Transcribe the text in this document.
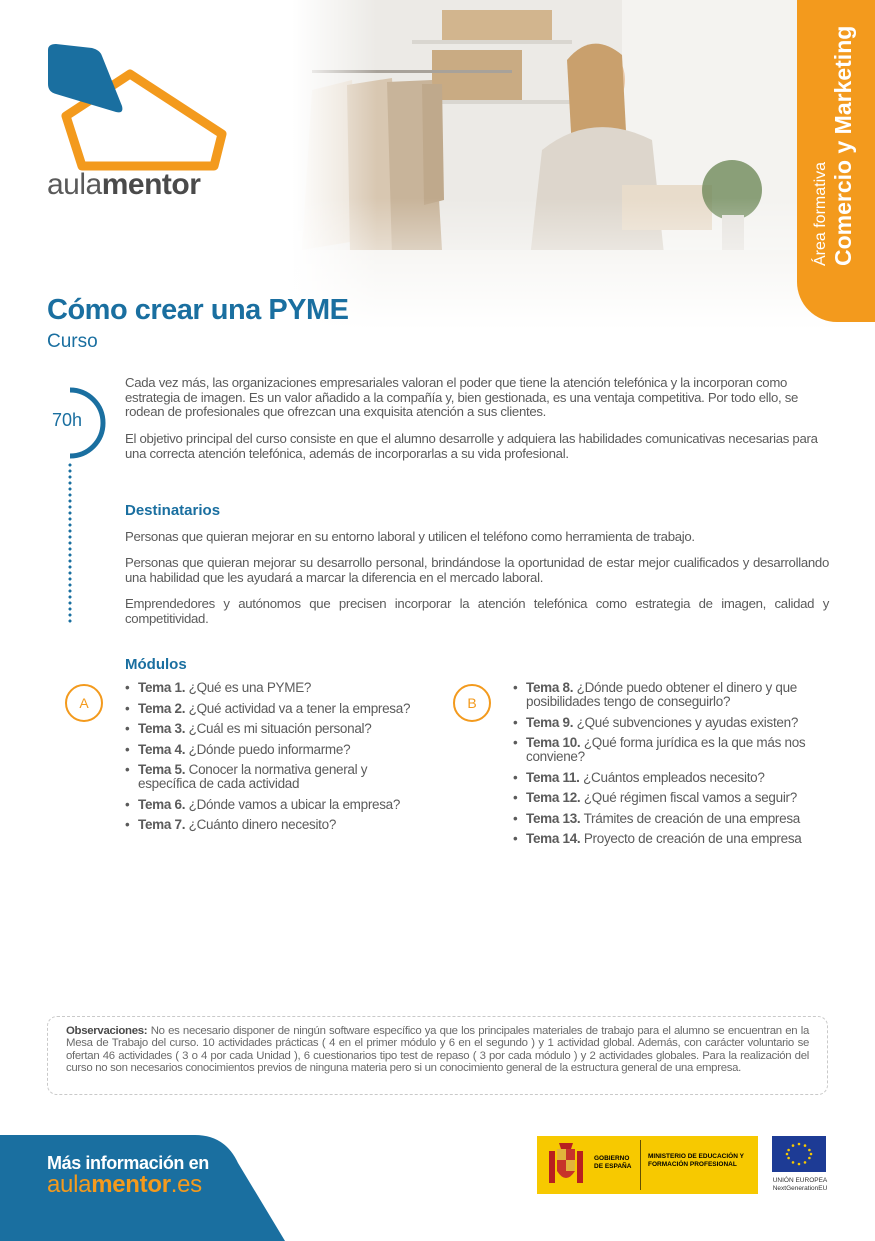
aulamentor	Área formativa Comercio y Marketing
Cómo crear una PYME
Curso
70h

Cada vez más, las organizaciones empresariales valoran el poder que tiene la atención telefónica y la incorporan como estrategia de imagen. Es un valor añadido a la compañía y, bien gestionada, es una ventaja competitiva. Por todo ello, se rodean de profesionales que ofrezcan una exquisita atención a sus clientes.

El objetivo principal del curso consiste en que el alumno desarrolle y adquiera las habilidades comunicativas necesarias para una correcta atención telefónica, además de incorporarlas a su vida profesional.

Destinatarios

Personas que quieran mejorar en su entorno laboral y utilicen el teléfono como herramienta de trabajo.

Personas que quieran mejorar su desarrollo personal, brindándose la oportunidad de estar mejor cualificados y desarrollando una habilidad que les ayudará a marcar la diferencia en el mercado laboral.

Emprendedores y autónomos que precisen incorporar la atención telefónica como estrategia de imagen, calidad y competitividad.

Módulos
A
• Tema 1. ¿Qué es una PYME?
• Tema 2. ¿Qué actividad va a tener la empresa?
• Tema 3. ¿Cuál es mi situación personal?
• Tema 4. ¿Dónde puedo informarme?
• Tema 5. Conocer la normativa general y específica de cada actividad
• Tema 6. ¿Dónde vamos a ubicar la empresa?
• Tema 7. ¿Cuánto dinero necesito?
B
• Tema 8. ¿Dónde puedo obtener el dinero y que posibilidades tengo de conseguirlo?
• Tema 9. ¿Qué subvenciones y ayudas existen?
• Tema 10. ¿Qué forma jurídica es la que más nos conviene?
• Tema 11. ¿Cuántos empleados necesito?
• Tema 12. ¿Qué régimen fiscal vamos a seguir?
• Tema 13. Trámites de creación de una empresa
• Tema 14. Proyecto de creación de una empresa
Observaciones: No es necesario disponer de ningún software específico ya que los principales materiales de trabajo para el alumno se encuentran en la Mesa de Trabajo del curso. 10 actividades prácticas ( 4 en el primer módulo y 6 en el segundo ) y 1 actividad global. Además, con carácter voluntario se ofertan 46 actividades ( 3 o 4 por cada Unidad ), 6 cuestionarios tipo test de repaso ( 3 por cada módulo ) y 2 actividades globales. Para la realización del curso no son necesarios conocimientos previos de ninguna materia pero si un conocimiento general de la estructura general de una empresa.
Más información en
aulamentor.es
GOBIERNO DE ESPAÑA
MINISTERIO DE EDUCACIÓN Y FORMACIÓN PROFESIONAL
UNIÓN EUROPEA
NextGenerationEU
